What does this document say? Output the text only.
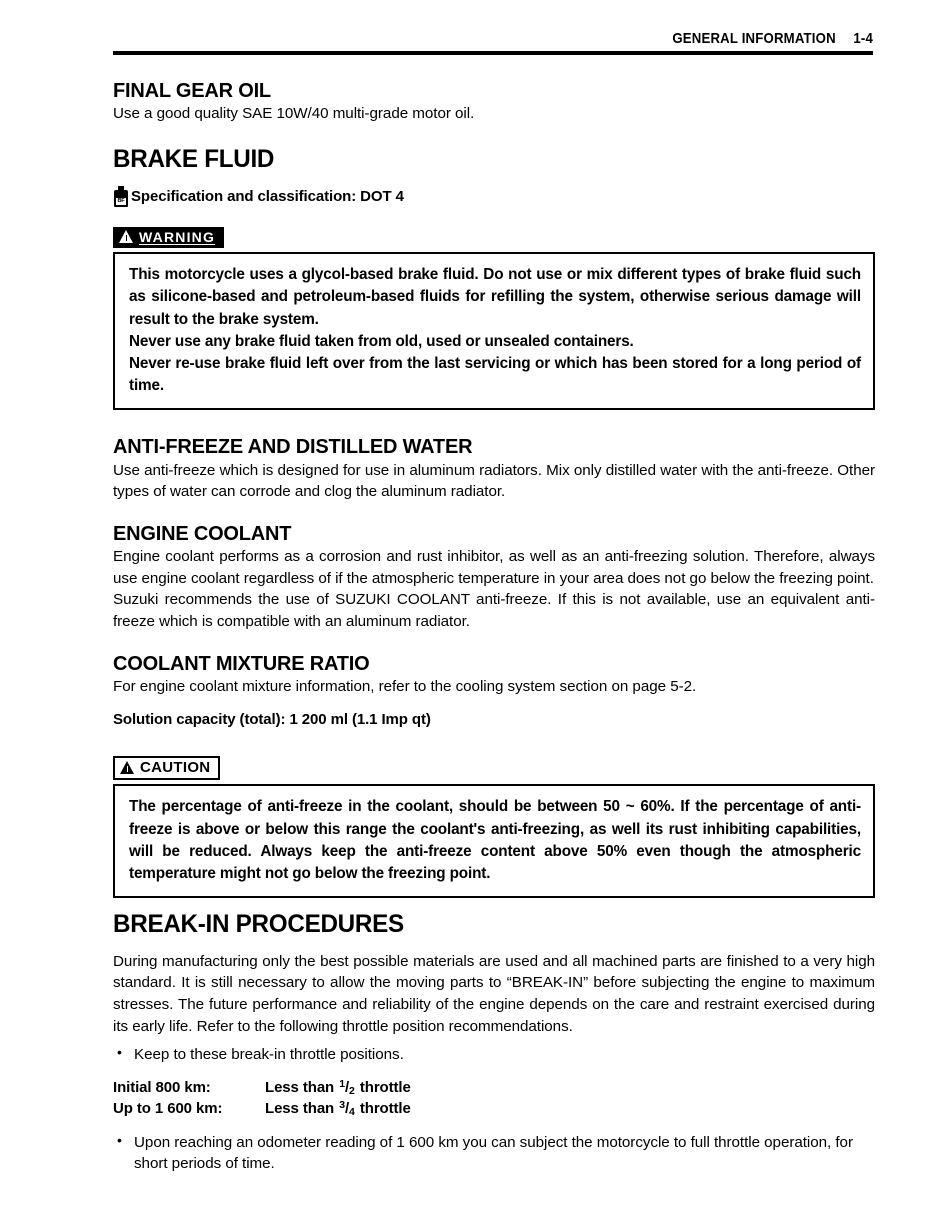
GENERAL INFORMATION 1-4
FINAL GEAR OIL

Use a good quality SAE 10W/40 multi-grade motor oil.

BRAKE FLUID
BF Specification and classification: DOT 4
WARNING

This motorcycle uses a glycol-based brake fluid. Do not use or mix different types of brake fluid such as silicone-based and petroleum-based fluids for refilling the system, otherwise serious damage will result to the brake system.

Never use any brake fluid taken from old, used or unsealed containers.

Never re-use brake fluid left over from the last servicing or which has been stored for a long period of time.

ANTI-FREEZE AND DISTILLED WATER

Use anti-freeze which is designed for use in aluminum radiators. Mix only distilled water with the anti-freeze. Other types of water can corrode and clog the aluminum radiator.

ENGINE COOLANT

Engine coolant performs as a corrosion and rust inhibitor, as well as an anti-freezing solution. Therefore, always use engine coolant regardless of if the atmospheric temperature in your area does not go below the freezing point.

Suzuki recommends the use of SUZUKI COOLANT anti-freeze. If this is not available, use an equivalent anti-freeze which is compatible with an aluminum radiator.

COOLANT MIXTURE RATIO

For engine coolant mixture information, refer to the cooling system section on page 5-2.

Solution capacity (total): 1 200 ml (1.1 Imp qt)

CAUTION

The percentage of anti-freeze in the coolant, should be between 50 ~ 60%. If the percentage of anti-freeze is above or below this range the coolant's anti-freezing, as well its rust inhibiting capabilities, will be reduced. Always keep the anti-freeze content above 50% even though the atmospheric temperature might not go below the freezing point.

BREAK-IN PROCEDURES

During manufacturing only the best possible materials are used and all machined parts are finished to a very high standard. It is still necessary to allow the moving parts to “BREAK-IN” before subjecting the engine to maximum stresses. The future performance and reliability of the engine depends on the care and restraint exercised during its early life. Refer to the following throttle position recommendations.

• Keep to these break-in throttle positions.
Initial 800 km:	Less than $^1$/2 throttle
Up to 1 600 km:	Less than $^3$/4 throttle
• Upon reaching an odometer reading of 1 600 km you can subject the motorcycle to full throttle operation, for short periods of time.
